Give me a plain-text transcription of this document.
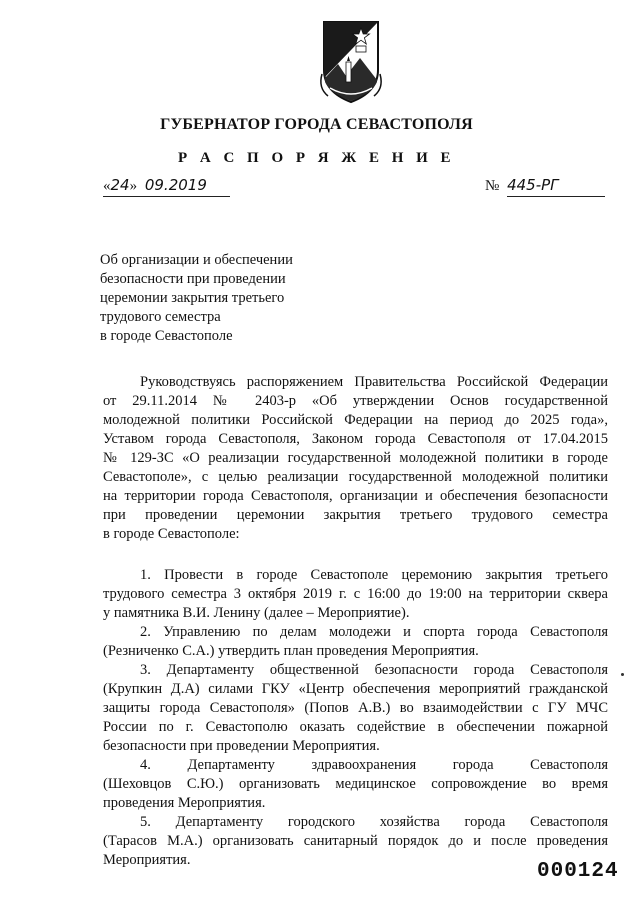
ГУБЕРНАТОР ГОРОДА СЕВАСТОПОЛЯ
Р А С П О Р Я Ж Е Н И Е
«24» 09.2019	№ 445-РГ
Об организации и обеспечении
безопасности при проведении
церемонии закрытия третьего
трудового семестра
в городе Севастополе
Руководствуясь распоряжением Правительства Российской Федерации
от 29.11.2014 № 2403-р «Об утверждении Основ государственной
молодежной политики Российской Федерации на период до 2025 года»,
Уставом города Севастополя, Законом города Севастополя от 17.04.2015
№ 129-ЗС «О реализации государственной молодежной политики в городе
Севастополе», с целью реализации государственной молодежной политики
на территории города Севастополя, организации и обеспечения безопасности
при проведении церемонии закрытия третьего трудового семестра
в городе Севастополе:
1. Провести в городе Севастополе церемонию закрытия третьего
трудового семестра 3 октября 2019 г. с 16:00 до 19:00 на территории сквера
у памятника В.И. Ленину (далее – Мероприятие).
2. Управлению по делам молодежи и спорта города Севастополя
(Резниченко С.А.) утвердить план проведения Мероприятия.
3. Департаменту общественной безопасности города Севастополя
(Крупкин Д.А) силами ГКУ «Центр обеспечения мероприятий гражданской
защиты города Севастополя» (Попов А.В.) во взаимодействии с ГУ МЧС
России по г. Севастополю оказать содействие в обеспечении пожарной
безопасности при проведении Мероприятия.
4. Департаменту здравоохранения города Севастополя
(Шеховцов С.Ю.) организовать медицинское сопровождение во время
проведения Мероприятия.
5. Департаменту городского хозяйства города Севастополя
(Тарасов М.А.) организовать санитарный порядок до и после проведения
Мероприятия.	000124
